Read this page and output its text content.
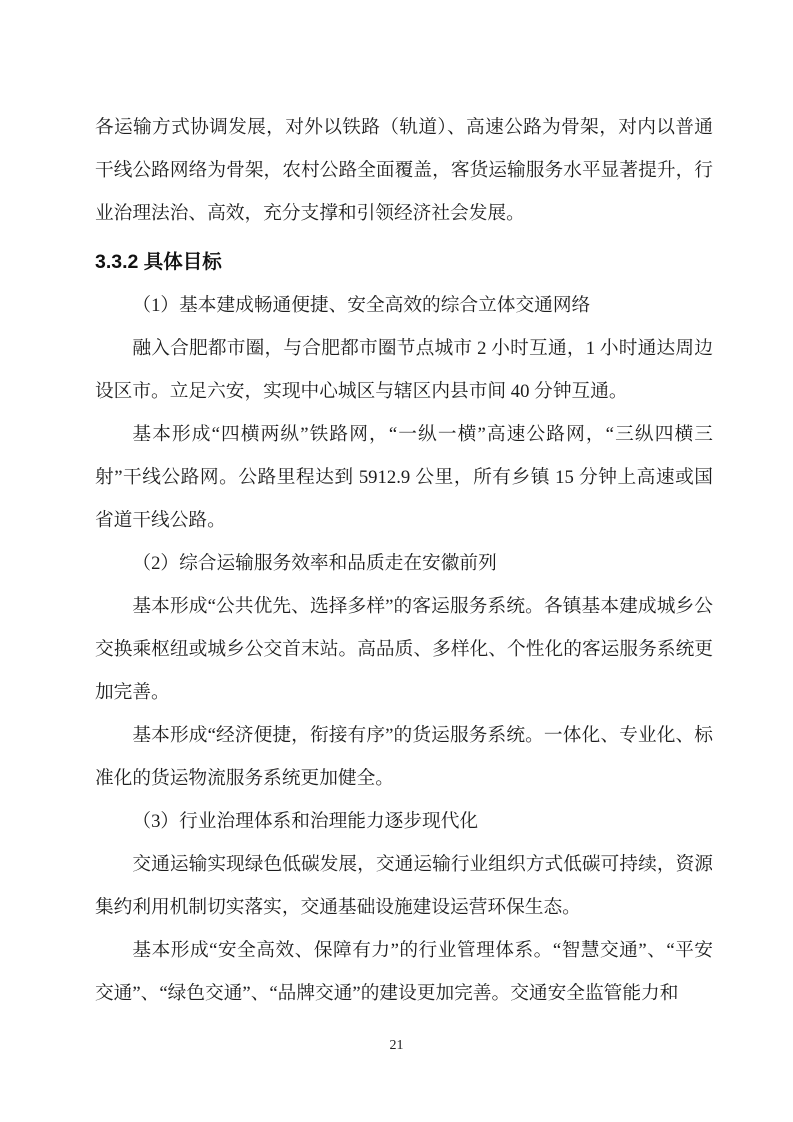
各运输方式协调发展，对外以铁路（轨道）、高速公路为骨架，对内以普通干线公路网络为骨架，农村公路全面覆盖，客货运输服务水平显著提升，行业治理法治、高效，充分支撑和引领经济社会发展。

3.3.2 具体目标

（1）基本建成畅通便捷、安全高效的综合立体交通网络

融入合肥都市圈，与合肥都市圈节点城市 2 小时互通，1 小时通达周边设区市。立足六安，实现中心城区与辖区内县市间 40 分钟互通。

基本形成“四横两纵”铁路网，“一纵一横”高速公路网，“三纵四横三射”干线公路网。公路里程达到 5912.9 公里，所有乡镇 15 分钟上高速或国省道干线公路。

（2）综合运输服务效率和品质走在安徽前列

基本形成“公共优先、选择多样”的客运服务系统。各镇基本建成城乡公交换乘枢纽或城乡公交首末站。高品质、多样化、个性化的客运服务系统更加完善。

基本形成“经济便捷，衔接有序”的货运服务系统。一体化、专业化、标准化的货运物流服务系统更加健全。

（3）行业治理体系和治理能力逐步现代化

交通运输实现绿色低碳发展，交通运输行业组织方式低碳可持续，资源集约利用机制切实落实，交通基础设施建设运营环保生态。

基本形成“安全高效、保障有力”的行业管理体系。“智慧交通”、“平安交通”、“绿色交通”、“品牌交通”的建设更加完善。交通安全监管能力和

21
